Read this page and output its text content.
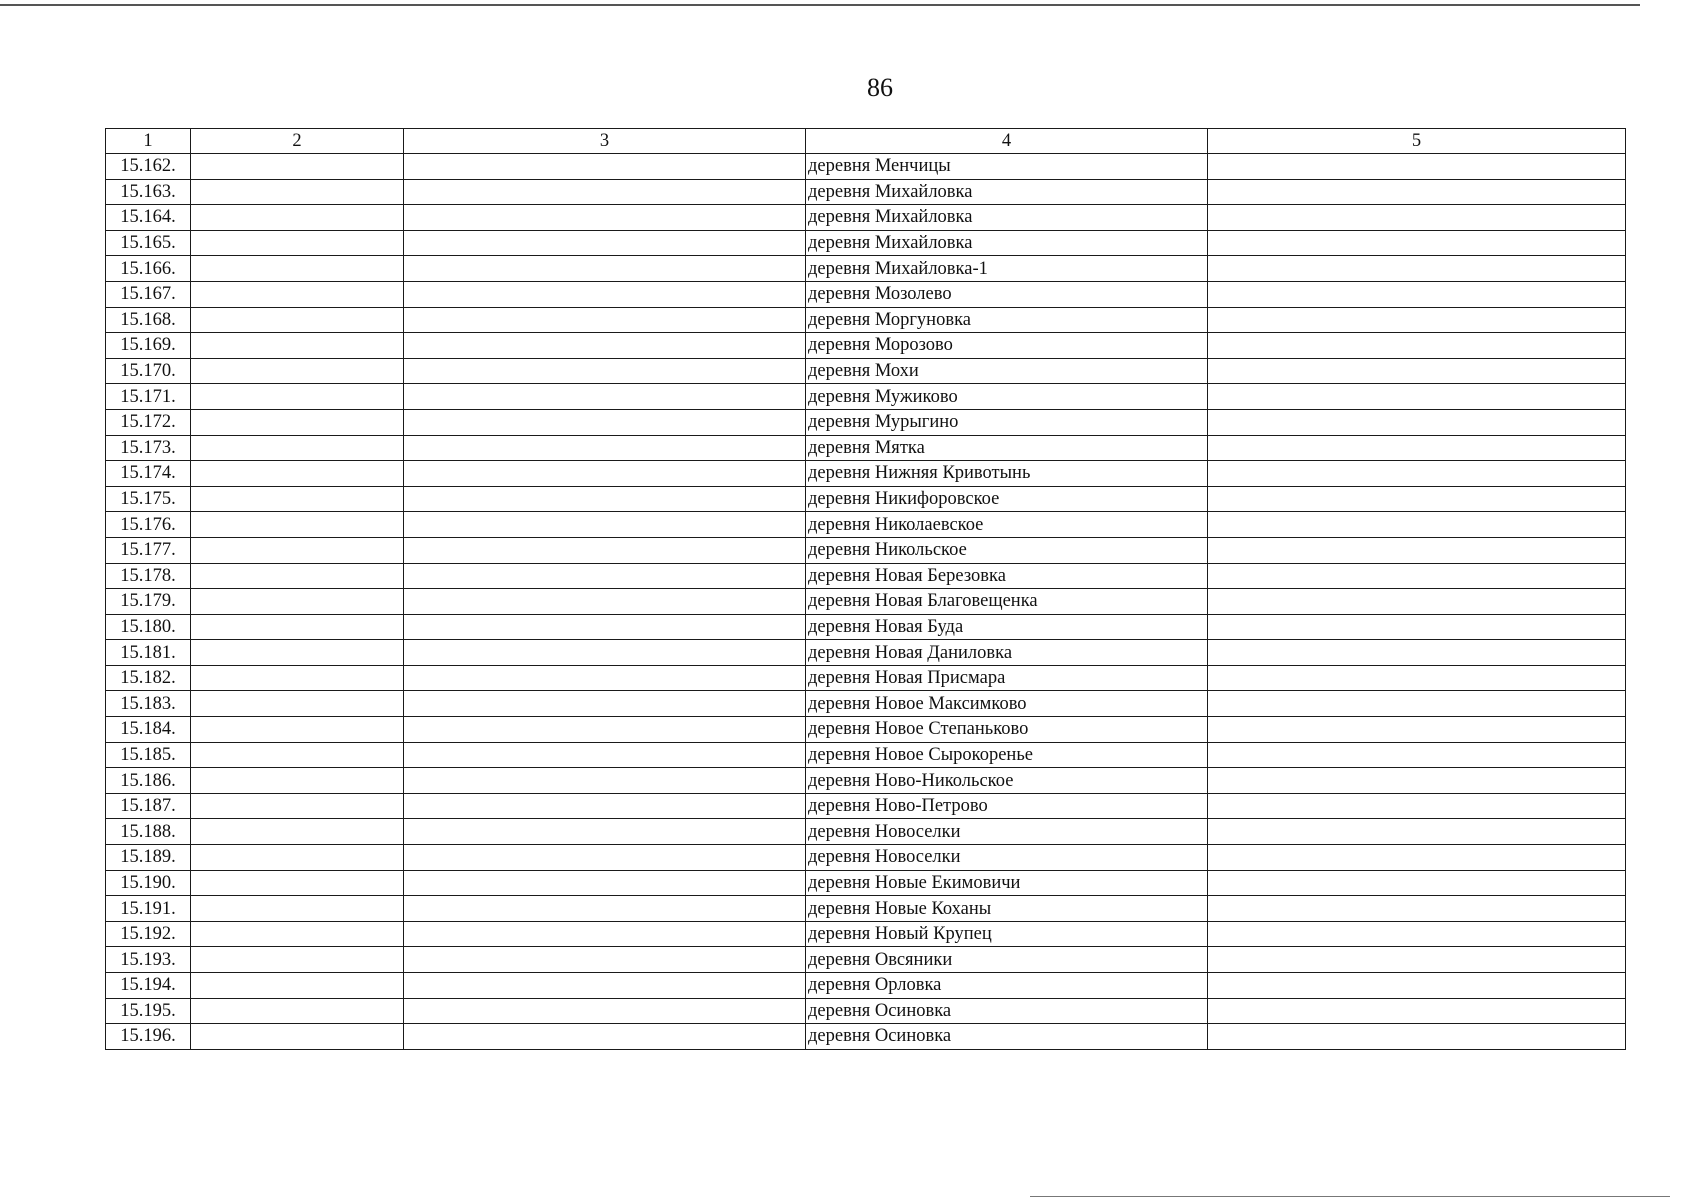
86
1	2	3	4	5
15.162.			деревня Менчицы	
15.163.			деревня Михайловка	
15.164.			деревня Михайловка	
15.165.			деревня Михайловка	
15.166.			деревня Михайловка-1	
15.167.			деревня Мозолево	
15.168.			деревня Моргуновка	
15.169.			деревня Морозово	
15.170.			деревня Мохи	
15.171.			деревня Мужиково	
15.172.			деревня Мурыгино	
15.173.			деревня Мятка	
15.174.			деревня Нижняя Кривотынь	
15.175.			деревня Никифоровское	
15.176.			деревня Николаевское	
15.177.			деревня Никольское	
15.178.			деревня Новая Березовка	
15.179.			деревня Новая Благовещенка	
15.180.			деревня Новая Буда	
15.181.			деревня Новая Даниловка	
15.182.			деревня Новая Присмара	
15.183.			деревня Новое Максимково	
15.184.			деревня Новое Степаньково	
15.185.			деревня Новое Сырокоренье	
15.186.			деревня Ново-Никольское	
15.187.			деревня Ново-Петрово	
15.188.			деревня Новоселки	
15.189.			деревня Новоселки	
15.190.			деревня Новые Екимовичи	
15.191.			деревня Новые Коханы	
15.192.			деревня Новый Крупец	
15.193.			деревня Овсяники	
15.194.			деревня Орловка	
15.195.			деревня Осиновка	
15.196.			деревня Осиновка	
